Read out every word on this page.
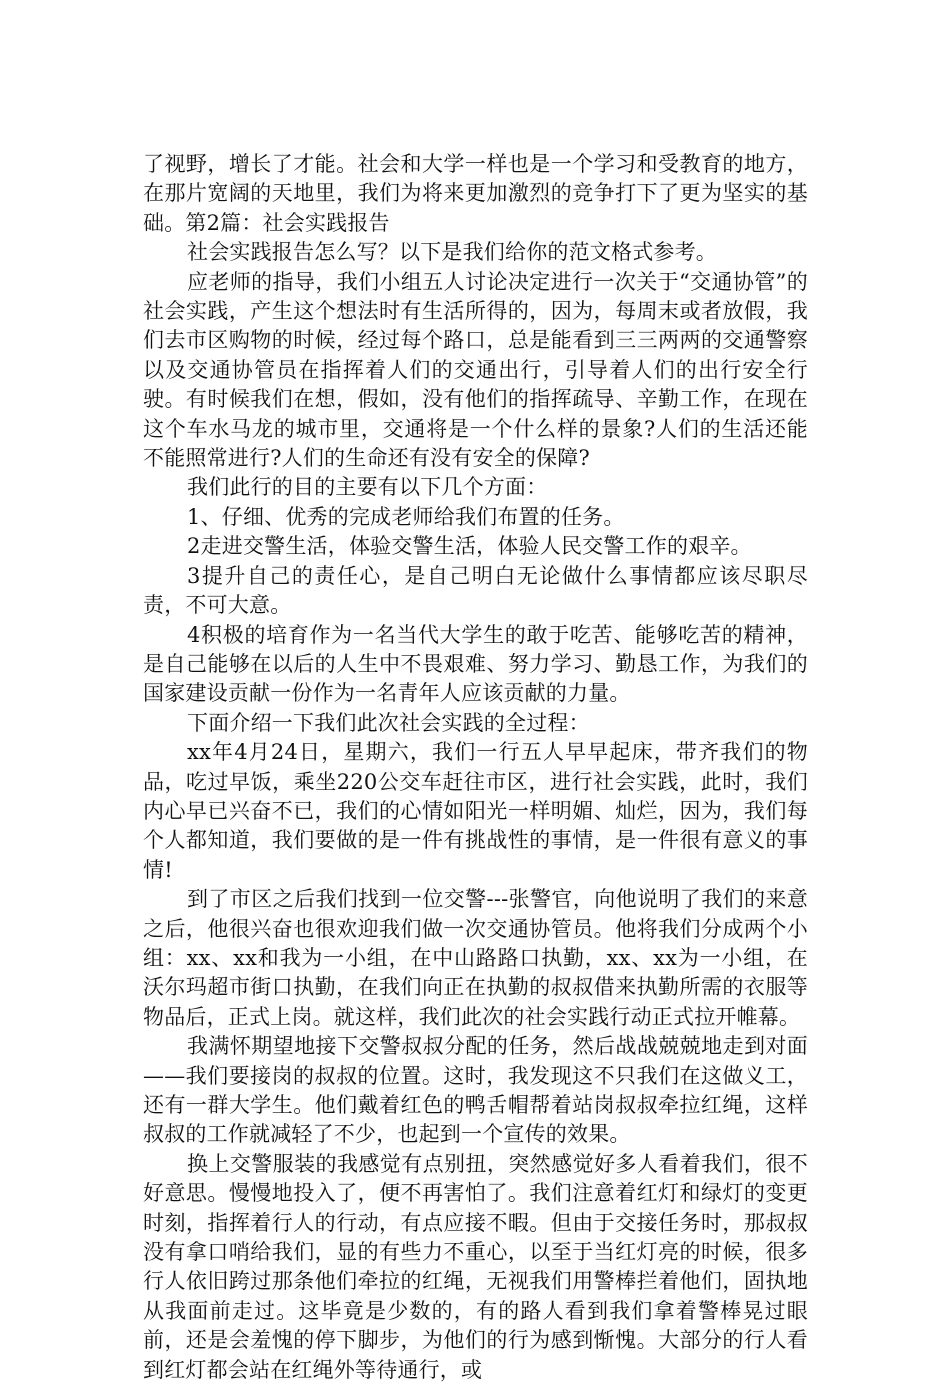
了视野，增长了才能。社会和大学一样也是一个学习和受教育的地方，在那片宽阔的天地里，我们为将来更加激烈的竞争打下了更为坚实的基础。第2篇：社会实践报告

社会实践报告怎么写？以下是我们给你的范文格式参考。

应老师的指导，我们小组五人讨论决定进行一次关于“交通协管”的社会实践，产生这个想法时有生活所得的，因为，每周末或者放假，我们去市区购物的时候，经过每个路口，总是能看到三三两两的交通警察以及交通协管员在指挥着人们的交通出行，引导着人们的出行安全行驶。有时候我们在想，假如，没有他们的指挥疏导、辛勤工作，在现在这个车水马龙的城市里，交通将是一个什么样的景象?人们的生活还能不能照常进行?人们的生命还有没有安全的保障?

我们此行的目的主要有以下几个方面：

1、仔细、优秀的完成老师给我们布置的任务。

2走进交警生活，体验交警生活，体验人民交警工作的艰辛。

3提升自己的责任心，是自己明白无论做什么事情都应该尽职尽责，不可大意。

4积极的培育作为一名当代大学生的敢于吃苦、能够吃苦的精神，是自己能够在以后的人生中不畏艰难、努力学习、勤恳工作，为我们的国家建设贡献一份作为一名青年人应该贡献的力量。

下面介绍一下我们此次社会实践的全过程：

xx年4月24日，星期六，我们一行五人早早起床，带齐我们的物品，吃过早饭，乘坐220公交车赶往市区，进行社会实践，此时，我们内心早已兴奋不已，我们的心情如阳光一样明媚、灿烂，因为，我们每个人都知道，我们要做的是一件有挑战性的事情，是一件很有意义的事情!

到了市区之后我们找到一位交警---张警官，向他说明了我们的来意之后，他很兴奋也很欢迎我们做一次交通协管员。他将我们分成两个小组：xx、xx和我为一小组，在中山路路口执勤，xx、xx为一小组，在沃尔玛超市街口执勤，在我们向正在执勤的叔叔借来执勤所需的衣服等物品后，正式上岗。就这样，我们此次的社会实践行动正式拉开帷幕。

我满怀期望地接下交警叔叔分配的任务，然后战战兢兢地走到对面——我们要接岗的叔叔的位置。这时，我发现这不只我们在这做义工，还有一群大学生。他们戴着红色的鸭舌帽帮着站岗叔叔牵拉红绳，这样叔叔的工作就减轻了不少，也起到一个宣传的效果。

换上交警服装的我感觉有点别扭，突然感觉好多人看着我们，很不好意思。慢慢地投入了，便不再害怕了。我们注意着红灯和绿灯的变更时刻，指挥着行人的行动，有点应接不暇。但由于交接任务时，那叔叔没有拿口哨给我们，显的有些力不重心，以至于当红灯亮的时候，很多行人依旧跨过那条他们牵拉的红绳，无视我们用警棒拦着他们，固执地从我面前走过。这毕竟是少数的，有的路人看到我们拿着警棒晃过眼前，还是会羞愧的停下脚步，为他们的行为感到惭愧。大部分的行人看到红灯都会站在红绳外等待通行，或
